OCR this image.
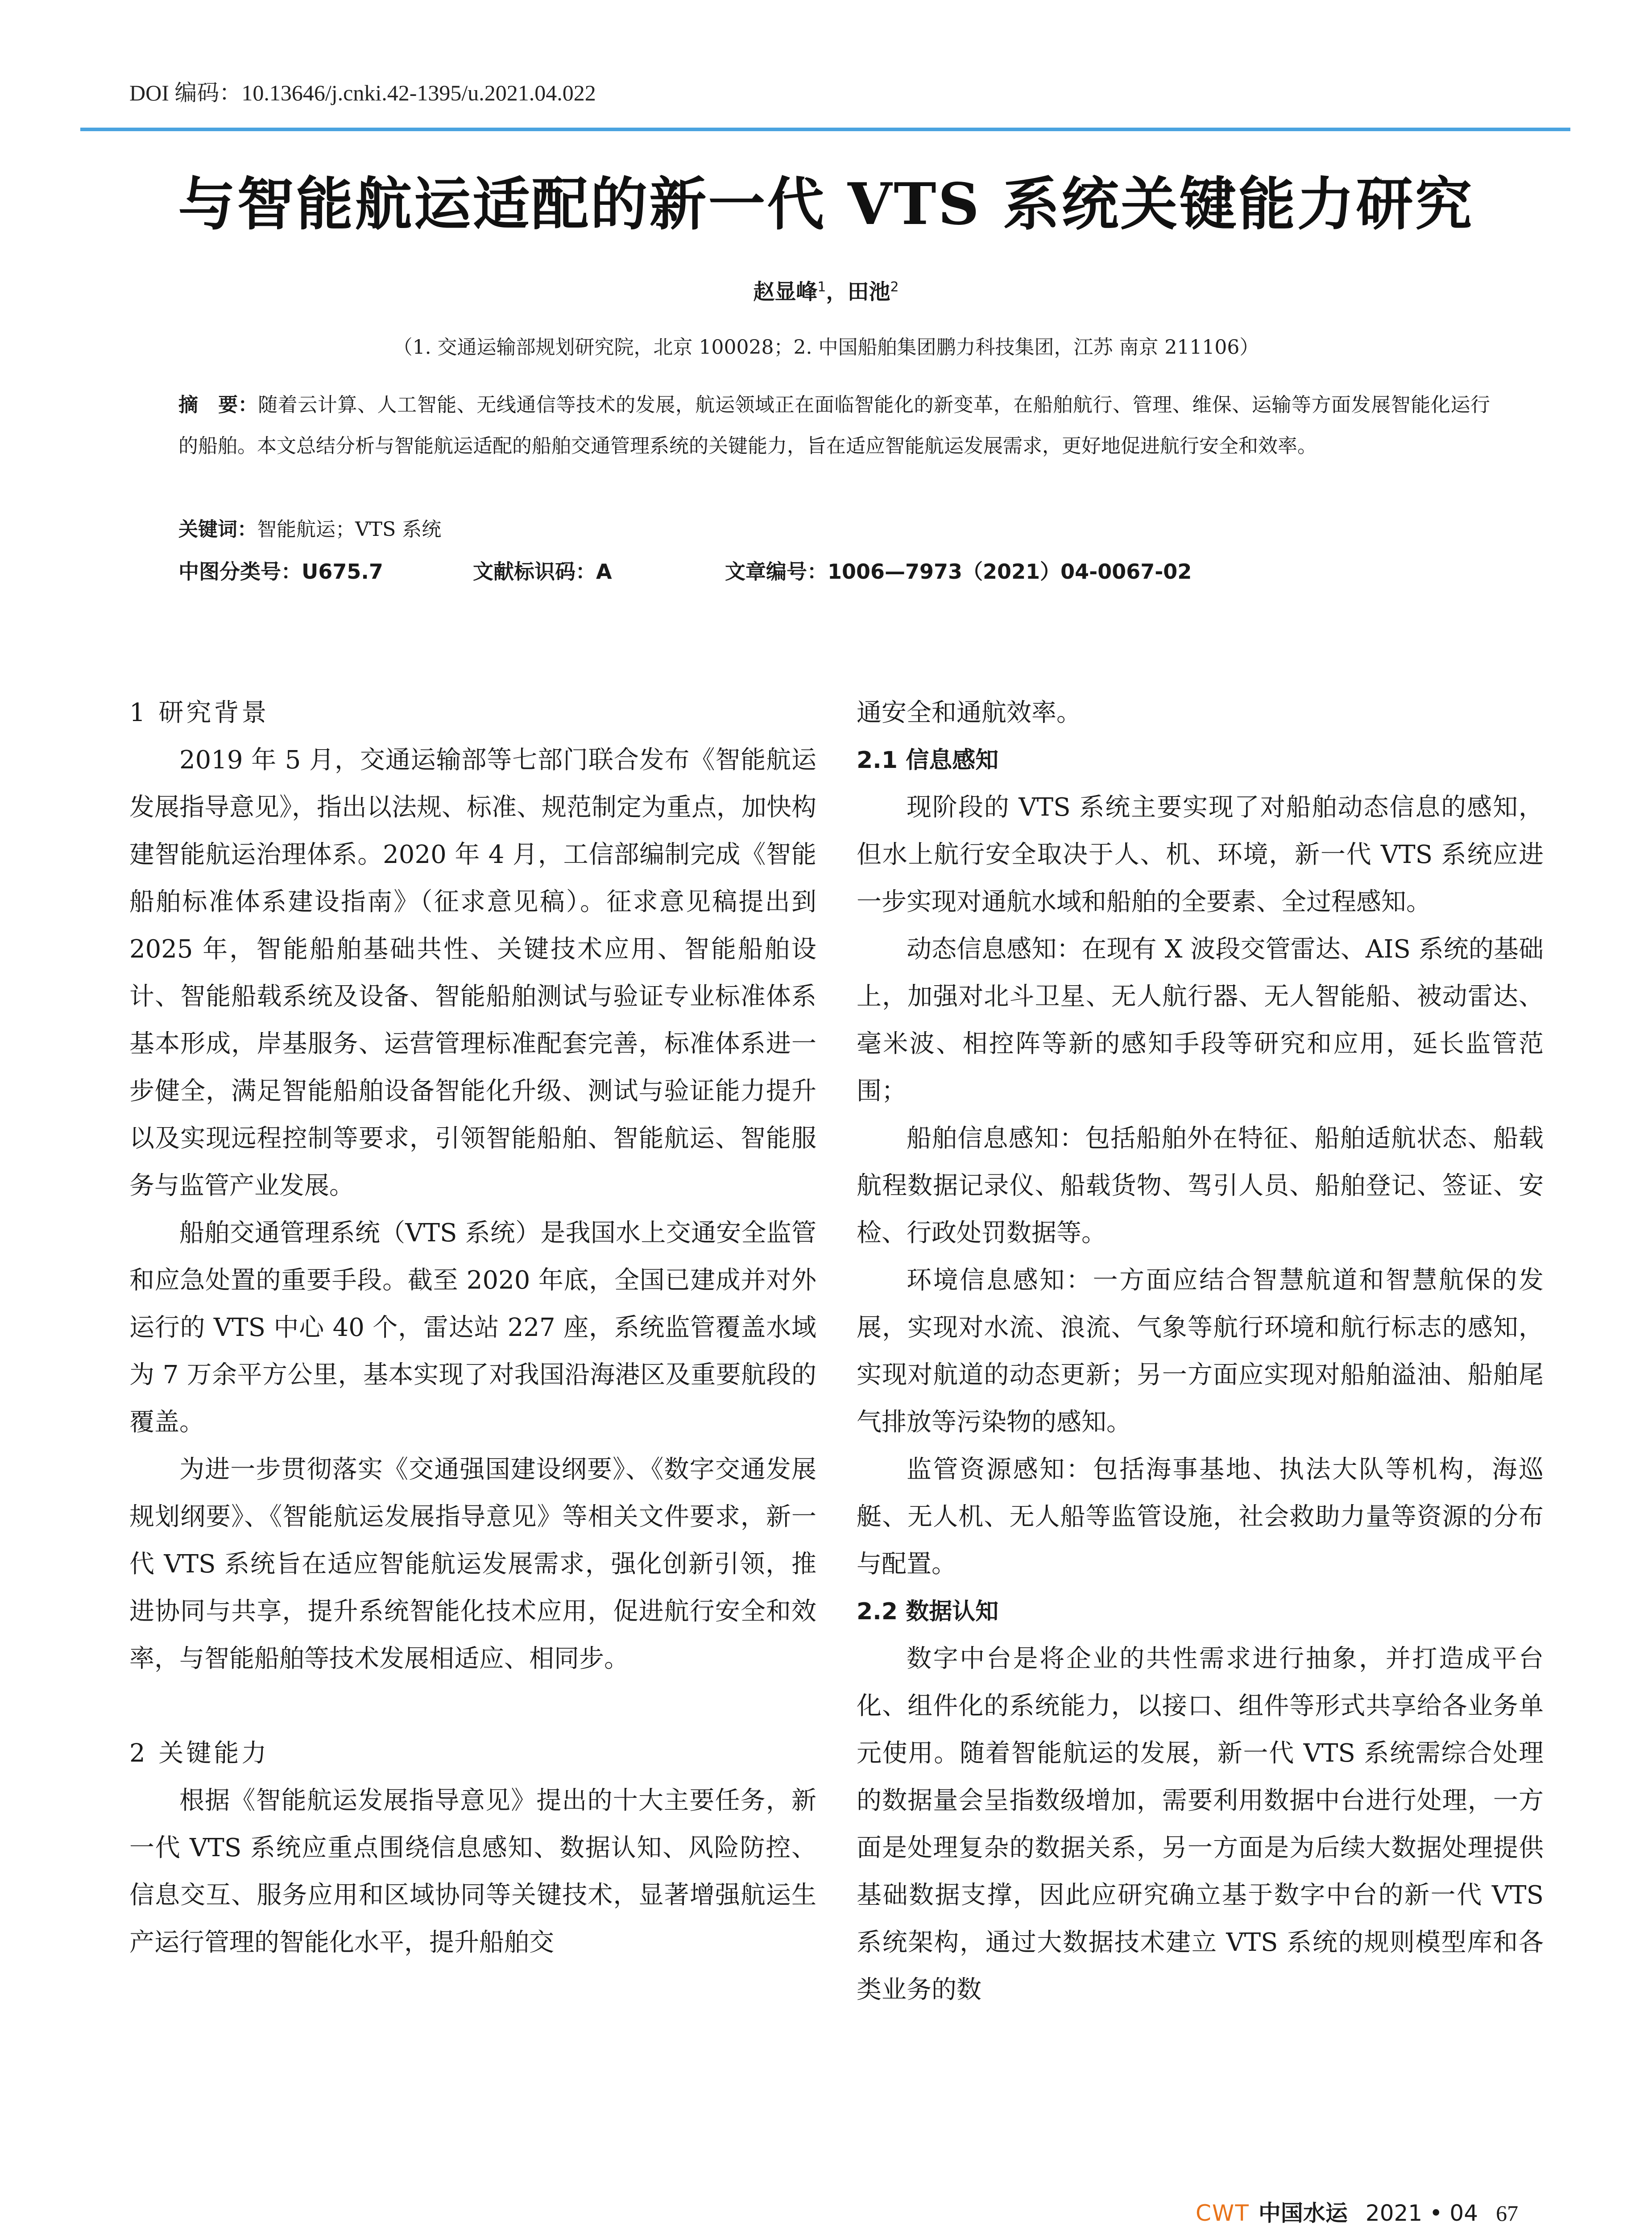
DOI 编码：10.13646/j.cnki.42-1395/u.2021.04.022
与智能航运适配的新一代 VTS 系统关键能力研究
赵显峰$^1$，田池$^2$
（1. 交通运输部规划研究院，北京 100028；2. 中国船舶集团鹏力科技集团，江苏 南京 211106）
摘　要：随着云计算、人工智能、无线通信等技术的发展，航运领域正在面临智能化的新变革，在船舶航行、管理、维保、运输等方面发展智能化运行的船舶。本文总结分析与智能航运适配的船舶交通管理系统的关键能力，旨在适应智能航运发展需求，更好地促进航行安全和效率。
关键词：智能航运；VTS 系统
中图分类号：U675.7	文献标识码：A	文章编号：1006—7973（2021）04-0067-02
1 研究背景

2019 年 5 月，交通运输部等七部门联合发布《智能航运发展指导意见》，指出以法规、标准、规范制定为重点，加快构建智能航运治理体系。2020 年 4 月，工信部编制完成《智能船舶标准体系建设指南》（征求意见稿）。征求意见稿提出到 2025 年，智能船舶基础共性、关键技术应用、智能船舶设计、智能船载系统及设备、智能船舶测试与验证专业标准体系基本形成，岸基服务、运营管理标准配套完善，标准体系进一步健全，满足智能船舶设备智能化升级、测试与验证能力提升以及实现远程控制等要求，引领智能船舶、智能航运、智能服务与监管产业发展。

船舶交通管理系统（VTS 系统）是我国水上交通安全监管和应急处置的重要手段。截至 2020 年底，全国已建成并对外运行的 VTS 中心 40 个，雷达站 227 座，系统监管覆盖水域为 7 万余平方公里，基本实现了对我国沿海港区及重要航段的覆盖。

为进一步贯彻落实《交通强国建设纲要》、《数字交通发展规划纲要》、《智能航运发展指导意见》等相关文件要求，新一代 VTS 系统旨在适应智能航运发展需求，强化创新引领，推进协同与共享，提升系统智能化技术应用，促进航行安全和效率，与智能船舶等技术发展相适应、相同步。

2 关键能力

根据《智能航运发展指导意见》提出的十大主要任务，新一代 VTS 系统应重点围绕信息感知、数据认知、风险防控、信息交互、服务应用和区域协同等关键技术，显著增强航运生产运行管理的智能化水平，提升船舶交

通安全和通航效率。

2.1 信息感知

现阶段的 VTS 系统主要实现了对船舶动态信息的感知，但水上航行安全取决于人、机、环境，新一代 VTS 系统应进一步实现对通航水域和船舶的全要素、全过程感知。

动态信息感知：在现有 X 波段交管雷达、AIS 系统的基础上，加强对北斗卫星、无人航行器、无人智能船、被动雷达、毫米波、相控阵等新的感知手段等研究和应用，延长监管范围；

船舶信息感知：包括船舶外在特征、船舶适航状态、船载航程数据记录仪、船载货物、驾引人员、船舶登记、签证、安检、行政处罚数据等。

环境信息感知：一方面应结合智慧航道和智慧航保的发展，实现对水流、浪流、气象等航行环境和航行标志的感知，实现对航道的动态更新；另一方面应实现对船舶溢油、船舶尾气排放等污染物的感知。

监管资源感知：包括海事基地、执法大队等机构，海巡艇、无人机、无人船等监管设施，社会救助力量等资源的分布与配置。

2.2 数据认知

数字中台是将企业的共性需求进行抽象，并打造成平台化、组件化的系统能力，以接口、组件等形式共享给各业务单元使用。随着智能航运的发展，新一代 VTS 系统需综合处理的数据量会呈指数级增加，需要利用数据中台进行处理，一方面是处理复杂的数据关系，另一方面是为后续大数据处理提供基础数据支撑，因此应研究确立基于数字中台的新一代 VTS 系统架构，通过大数据技术建立 VTS 系统的规则模型库和各类业务的数

CWT 中国水运 2021 • 04 67
